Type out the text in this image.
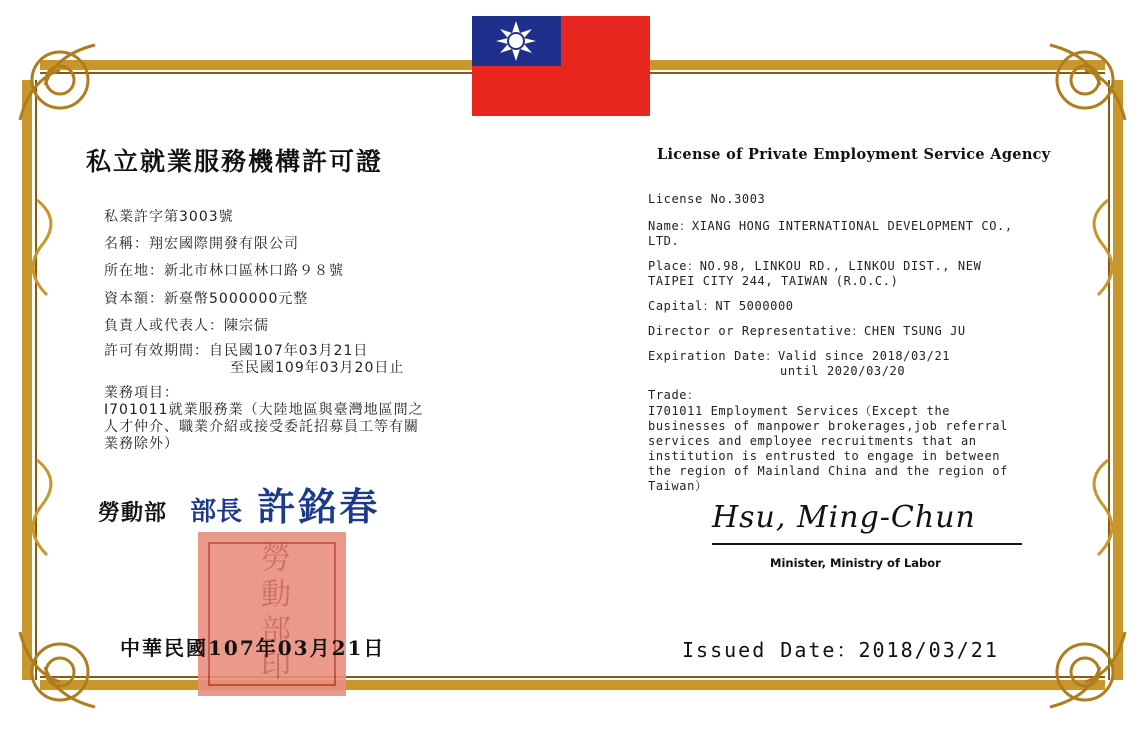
私立就業服務機構許可證
私業許字第3003號
名稱：翔宏國際開發有限公司
所在地：新北市林口區林口路９８號
資本額：新臺幣5000000元整
負責人或代表人：陳宗儒
許可有效期間：自民國107年03月21日
至民國109年03月20日止
業務項目：
I701011就業服務業（大陸地區與臺灣地區間之
人才仲介、職業介紹或接受委託招募員工等有關
業務除外）
勞動部 部長 許銘春
勞動部印
中華民國107年03月21日
License of Private Employment Service Agency
License No.3003
Name：XIANG HONG INTERNATIONAL DEVELOPMENT CO.,
LTD.
Place：NO.98, LINKOU RD., LINKOU DIST., NEW
TAIPEI CITY 244, TAIWAN (R.O.C.)
Capital：NT 5000000
Director or Representative：CHEN TSUNG JU
Expiration Date：Valid since 2018/03/21
until 2020/03/20
Trade：
I701011 Employment Services（Except the
businesses of manpower brokerages,job referral
services and employee recruitments that an
institution is entrusted to engage in between
the region of Mainland China and the region of
Taiwan）
Hsu, Ming-Chun
Minister, Ministry of Labor
Issued Date：2018/03/21
